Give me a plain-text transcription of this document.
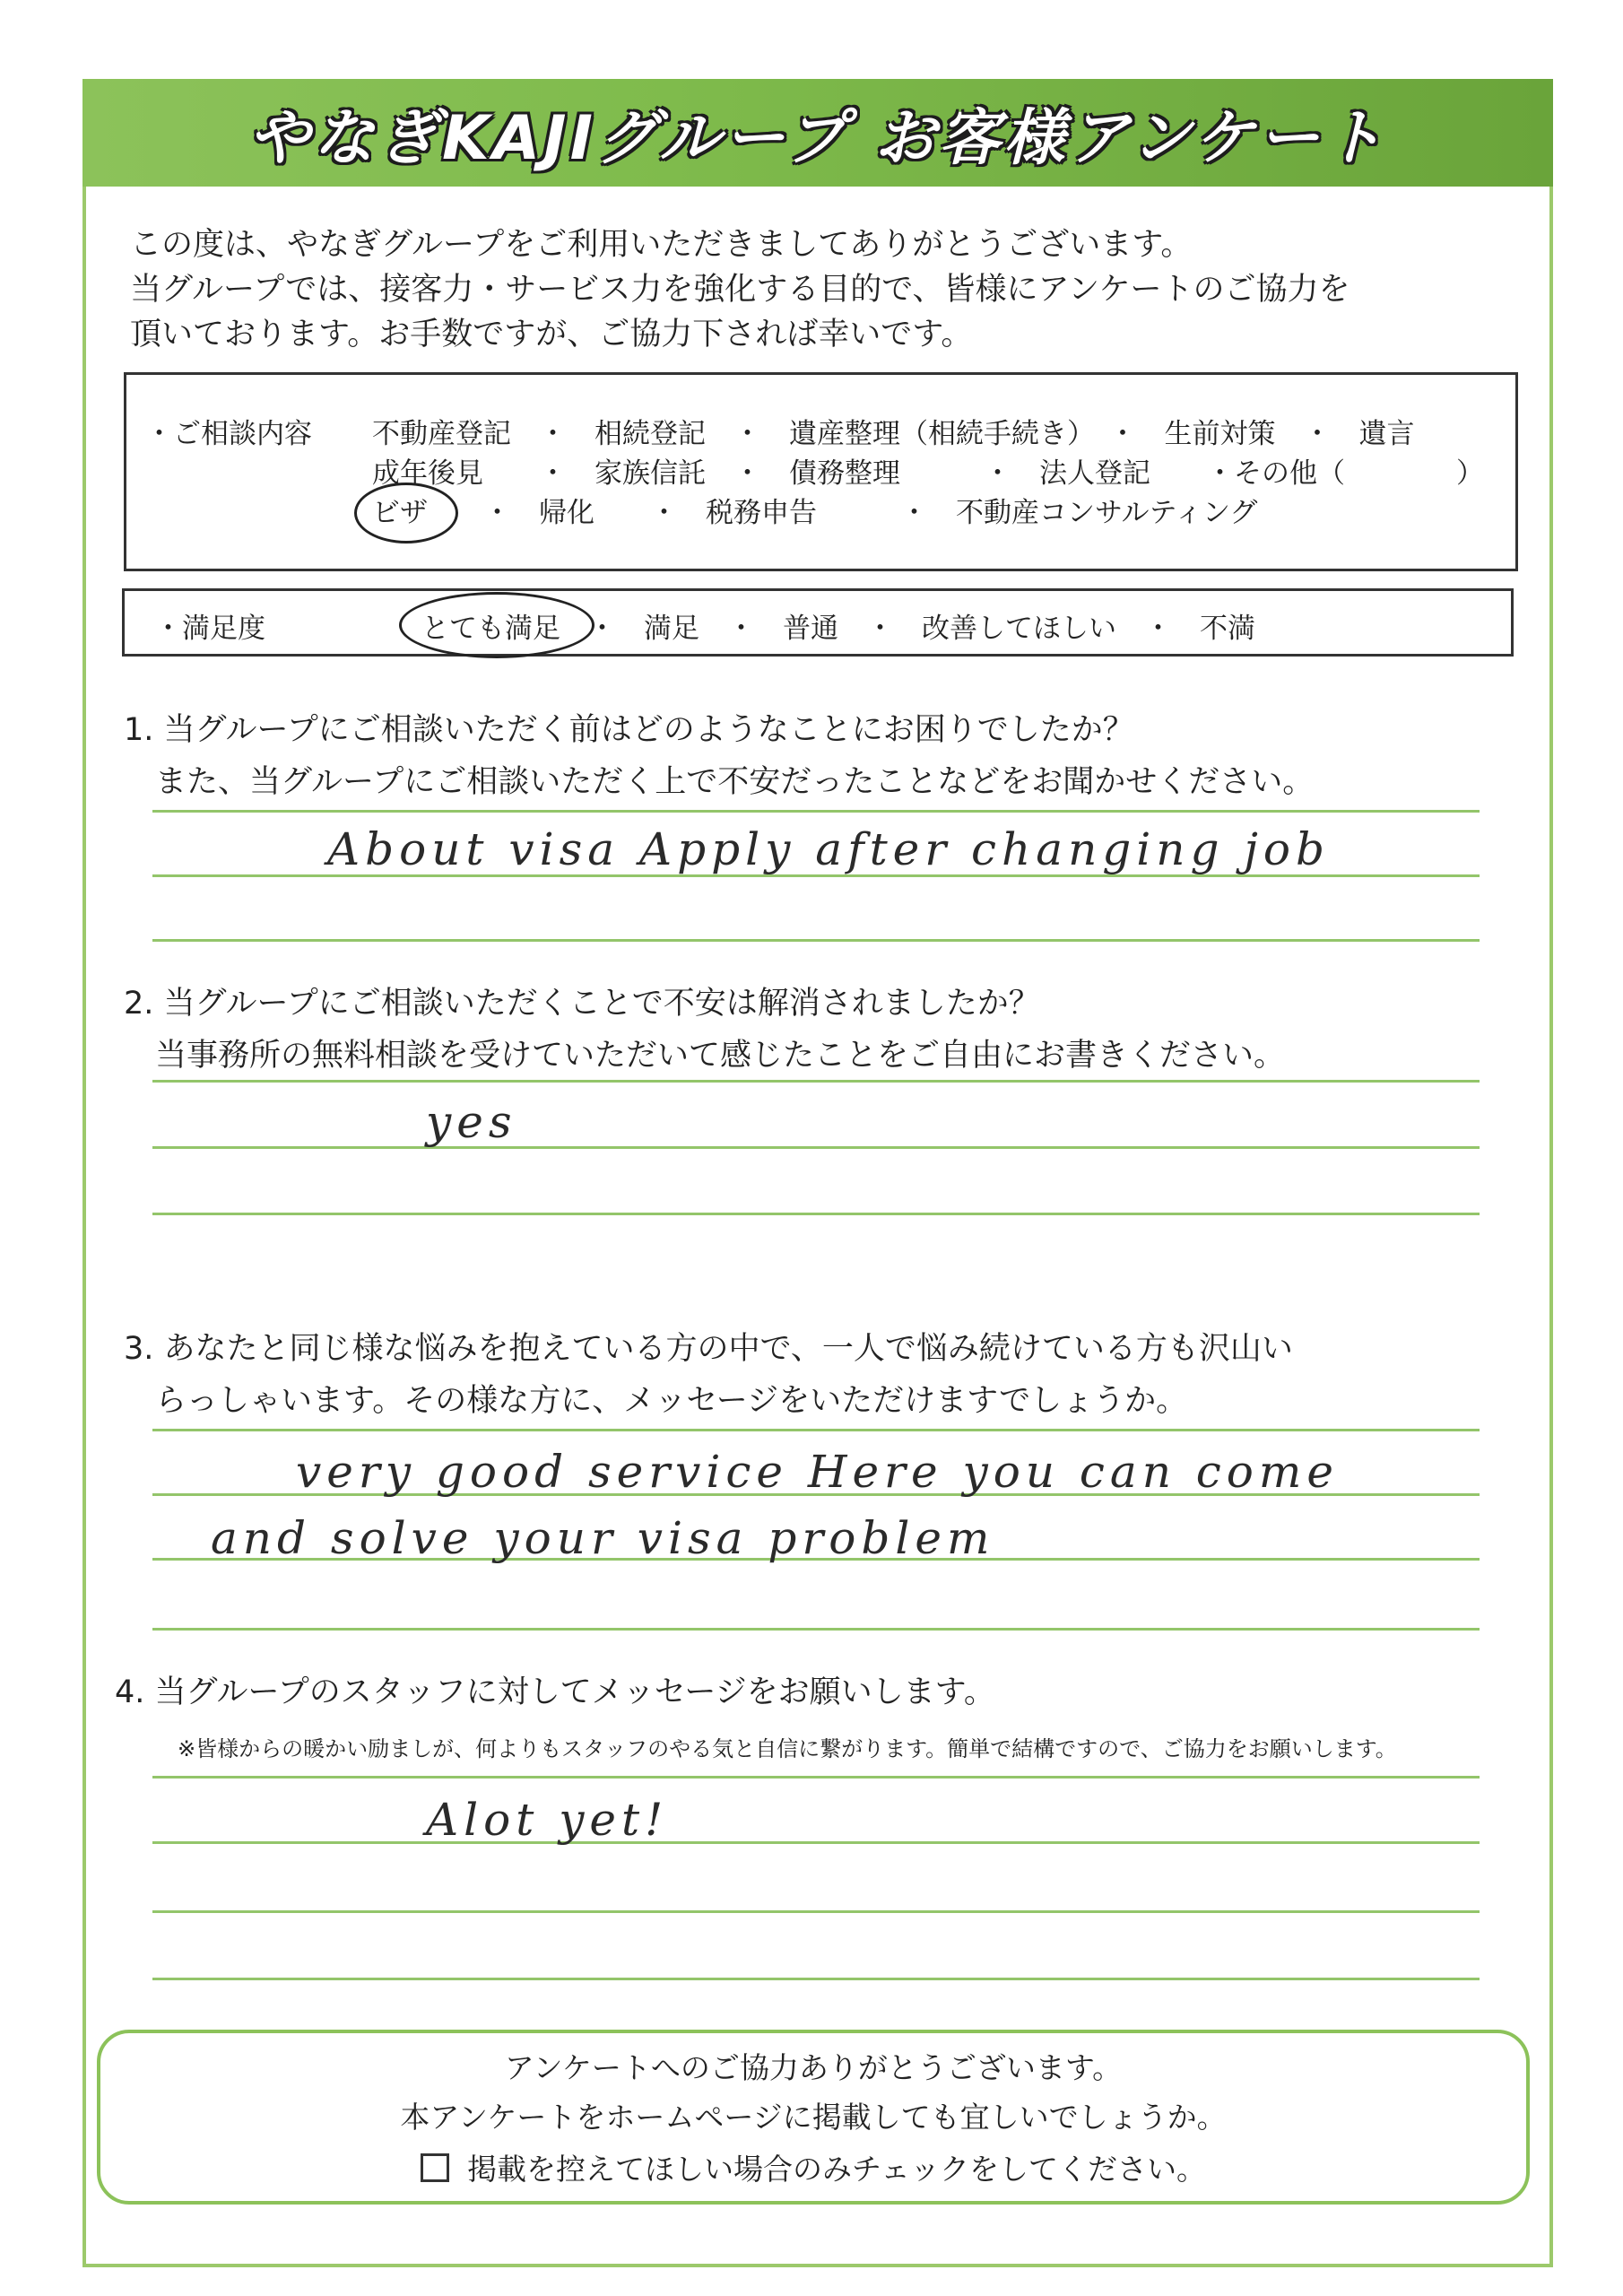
やなぎKAJIグループ お客様アンケート
この度は、やなぎグループをご利用いただきましてありがとうございます。
当グループでは、接客力・サービス力を強化する目的で、皆様にアンケートのご協力を
頂いております。お手数ですが、ご協力下されば幸いです。
・ご相談内容 不動産登記　・　相続登記　・　遺産整理（相続手続き）　・　生前対策　・　遺言
成年後見　　・　家族信託　・　債務整理　　　・　法人登記　　・その他（　　　　）
ビザ　　・　帰化　　・　税務申告　　　・　不動産コンサルティング
・満足度	とても満足　・　満足　・　普通　・　改善してほしい　・　不満
1. 当グループにご相談いただく前はどのようなことにお困りでしたか？
　また、当グループにご相談いただく上で不安だったことなどをお聞かせください。
About visa Apply after changing job
2. 当グループにご相談いただくことで不安は解消されましたか？
　当事務所の無料相談を受けていただいて感じたことをご自由にお書きください。
yes
3. あなたと同じ様な悩みを抱えている方の中で、一人で悩み続けている方も沢山い
　らっしゃいます。その様な方に、メッセージをいただけますでしょうか。
very good service Here you can come
and solve your visa problem
4. 当グループのスタッフに対してメッセージをお願いします。
※皆様からの暖かい励ましが、何よりもスタッフのやる気と自信に繋がります。簡単で結構ですので、ご協力をお願いします。
Alot yet!
アンケートへのご協力ありがとうございます。
本アンケートをホームページに掲載しても宜しいでしょうか。
掲載を控えてほしい場合のみチェックをしてください。
